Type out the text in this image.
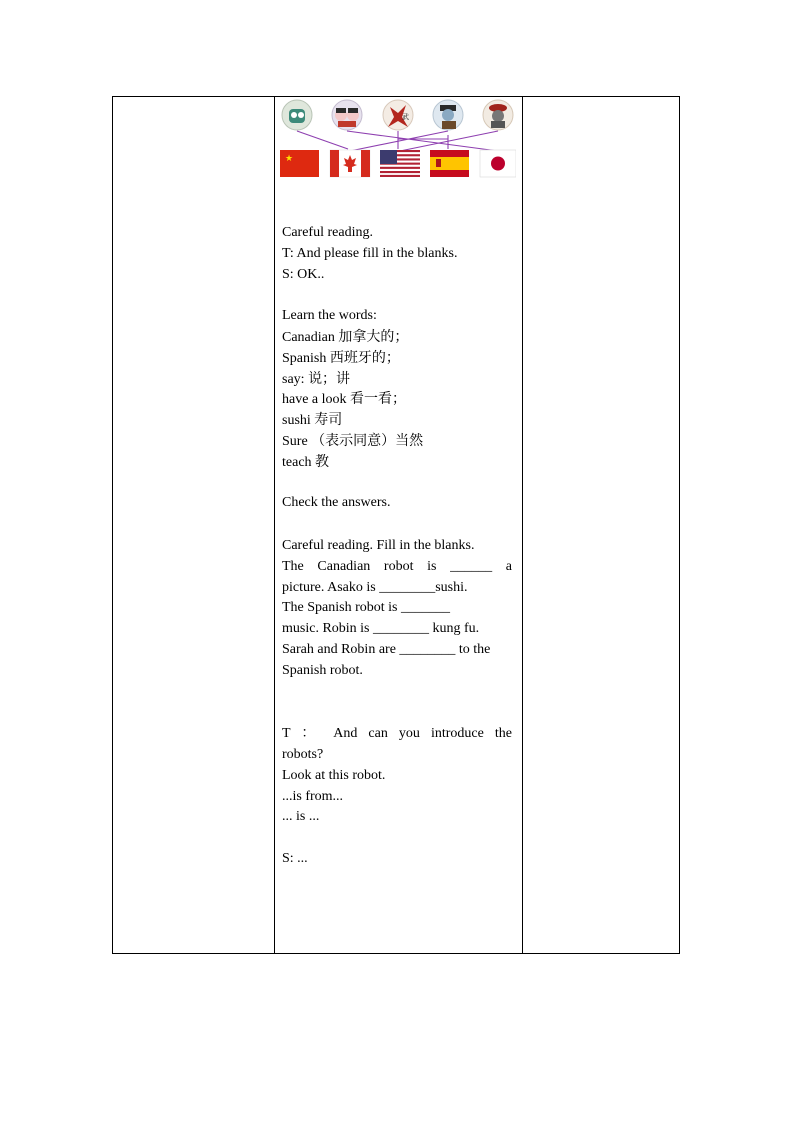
武
★
Careful reading.
T: And please fill in the blanks.
S: OK..
Learn the words:
Canadian 加拿大的；
Spanish 西班牙的；
say: 说；讲
have a look 看一看；
sushi 寿司
Sure （表示同意）当然
teach 教
Check the answers.
Careful reading. Fill in the blanks.
The Canadian robot is ______ a
picture. Asako is ________sushi.
The Spanish robot is _______
music. Robin is ________ kung fu.
Sarah and Robin are ________ to the
Spanish robot.
T ： And can you introduce the
robots?
Look at this robot.
...is from...
... is ...
S: ...
